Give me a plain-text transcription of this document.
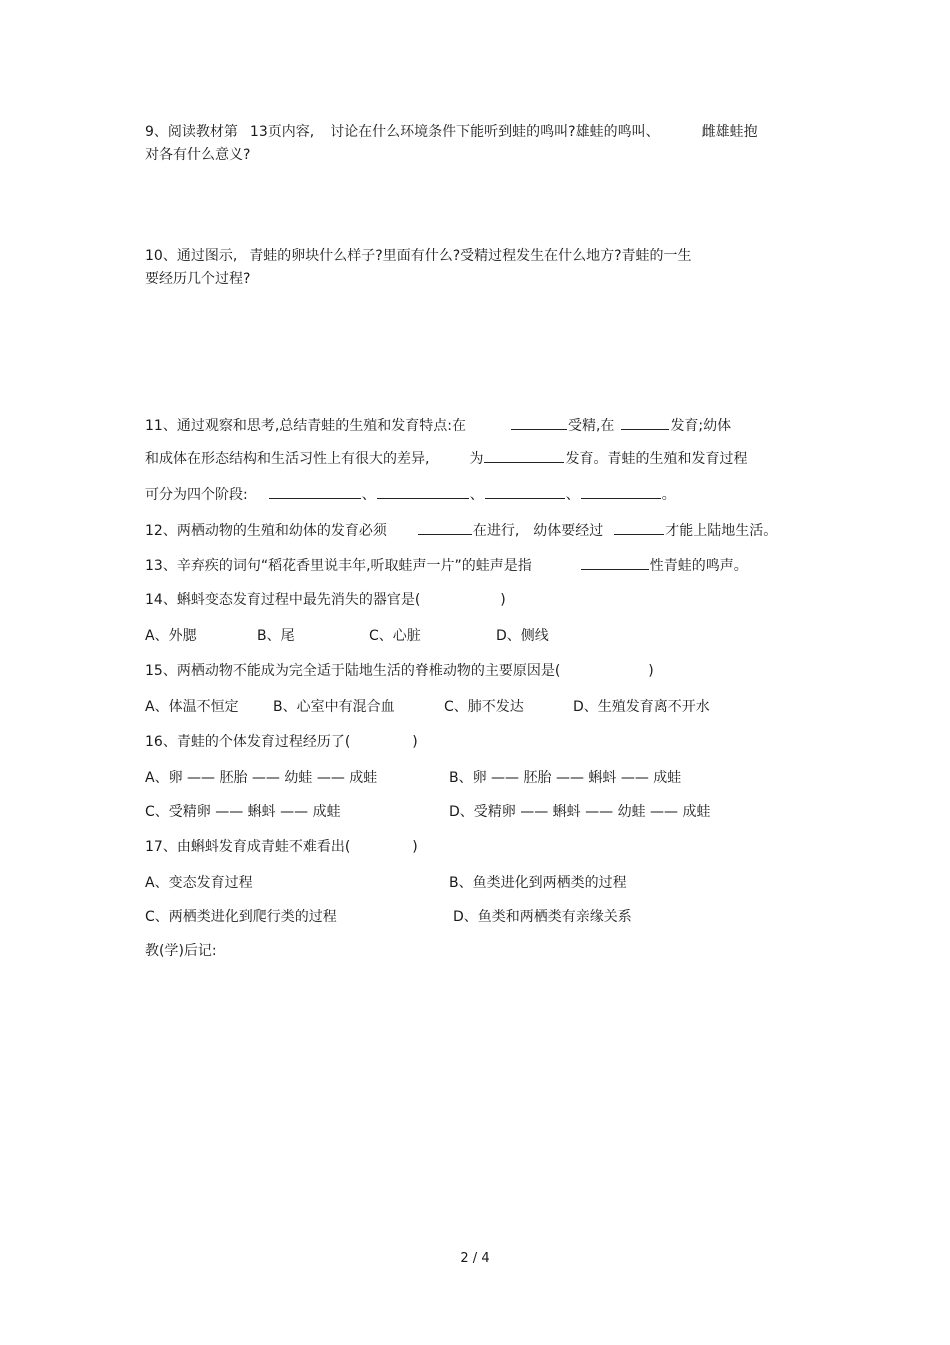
9、阅读教材第 13页内容, 讨论在什么环境条件下能听到蛙的鸣叫?雄蛙的鸣叫、	雌雄蛙抱
对各有什么意义?
10、通过图示, 青蛙的卵块什么样子?里面有什么?受精过程发生在什么地方?青蛙的一生
要经历几个过程?
11、通过观察和思考,总结青蛙的生殖和发育特点:在	受精,在	发育;幼体
和成体在形态结构和生活习性上有很大的差异,	为	发育。青蛙的生殖和发育过程
可分为四个阶段:	、	、	、	。
12、两栖动物的生殖和幼体的发育必须	在进行, 幼体要经过	才能上陆地生活。
13、辛弃疾的词句“稻花香里说丰年,听取蛙声一片”的蛙声是指	性青蛙的鸣声。
14、蝌蚪变态发育过程中最先消失的器官是(	)
A、外腮	B、尾	C、心脏	D、侧线
15、两栖动物不能成为完全适于陆地生活的脊椎动物的主要原因是(	)
A、体温不恒定 B、心室中有混合血	C、肺不发达	D、生殖发育离不开水
16、青蛙的个体发育过程经历了(	)
A、卵 —— 胚胎 —— 幼蛙 —— 成蛙	B、卵 —— 胚胎 —— 蝌蚪 —— 成蛙
C、受精卵 —— 蝌蚪 —— 成蛙	D、受精卵 —— 蝌蚪 —— 幼蛙 —— 成蛙
17、由蝌蚪发育成青蛙不难看出(	)
A、变态发育过程	B、鱼类进化到两栖类的过程
C、两栖类进化到爬行类的过程	D、鱼类和两栖类有亲缘关系
教(学)后记:
2 / 4
